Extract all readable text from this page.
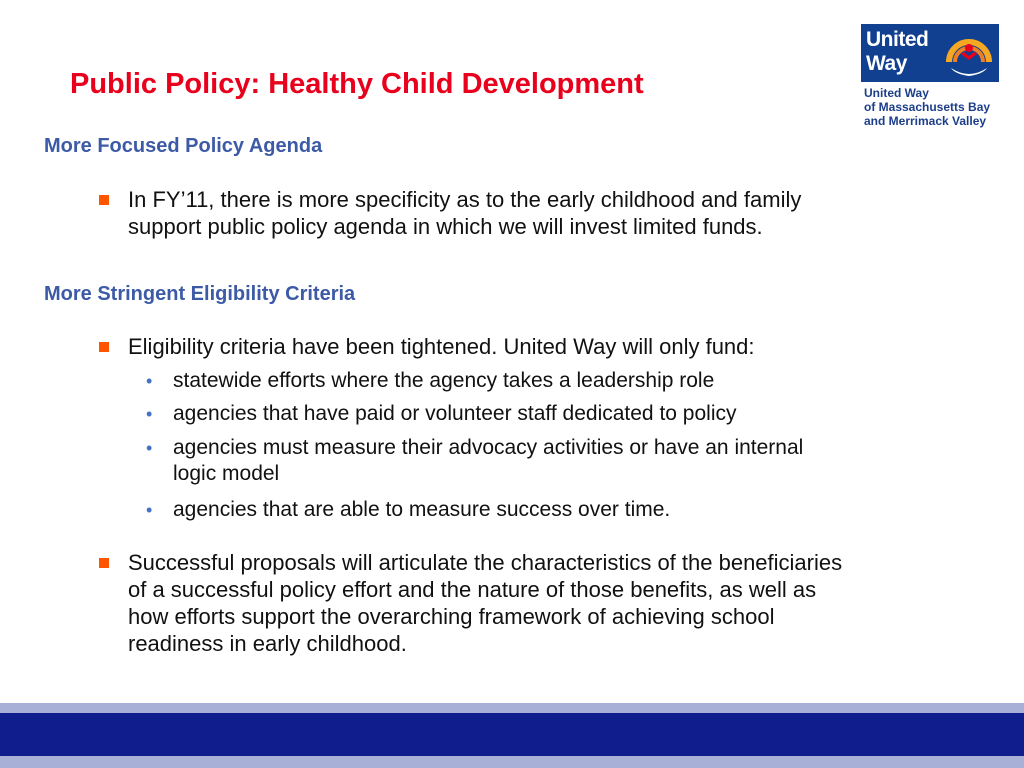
Public Policy: Healthy Child Development
United
Way
United Way
of Massachusetts Bay
and Merrimack Valley
More Focused Policy Agenda
In FY’11, there is more specificity as to the early childhood and family
support public policy agenda in which we will invest limited funds.
More Stringent Eligibility Criteria
Eligibility criteria have been tightened. United Way will only fund:
• statewide efforts where the agency takes a leadership role
• agencies that have paid or volunteer staff dedicated to policy
• agencies must measure their advocacy activities or have an internal
logic model
• agencies that are able to measure success over time.
Successful proposals will articulate the characteristics of the beneficiaries
of a successful policy effort and the nature of those benefits, as well as
how efforts support the overarching framework of achieving school
readiness in early childhood.
